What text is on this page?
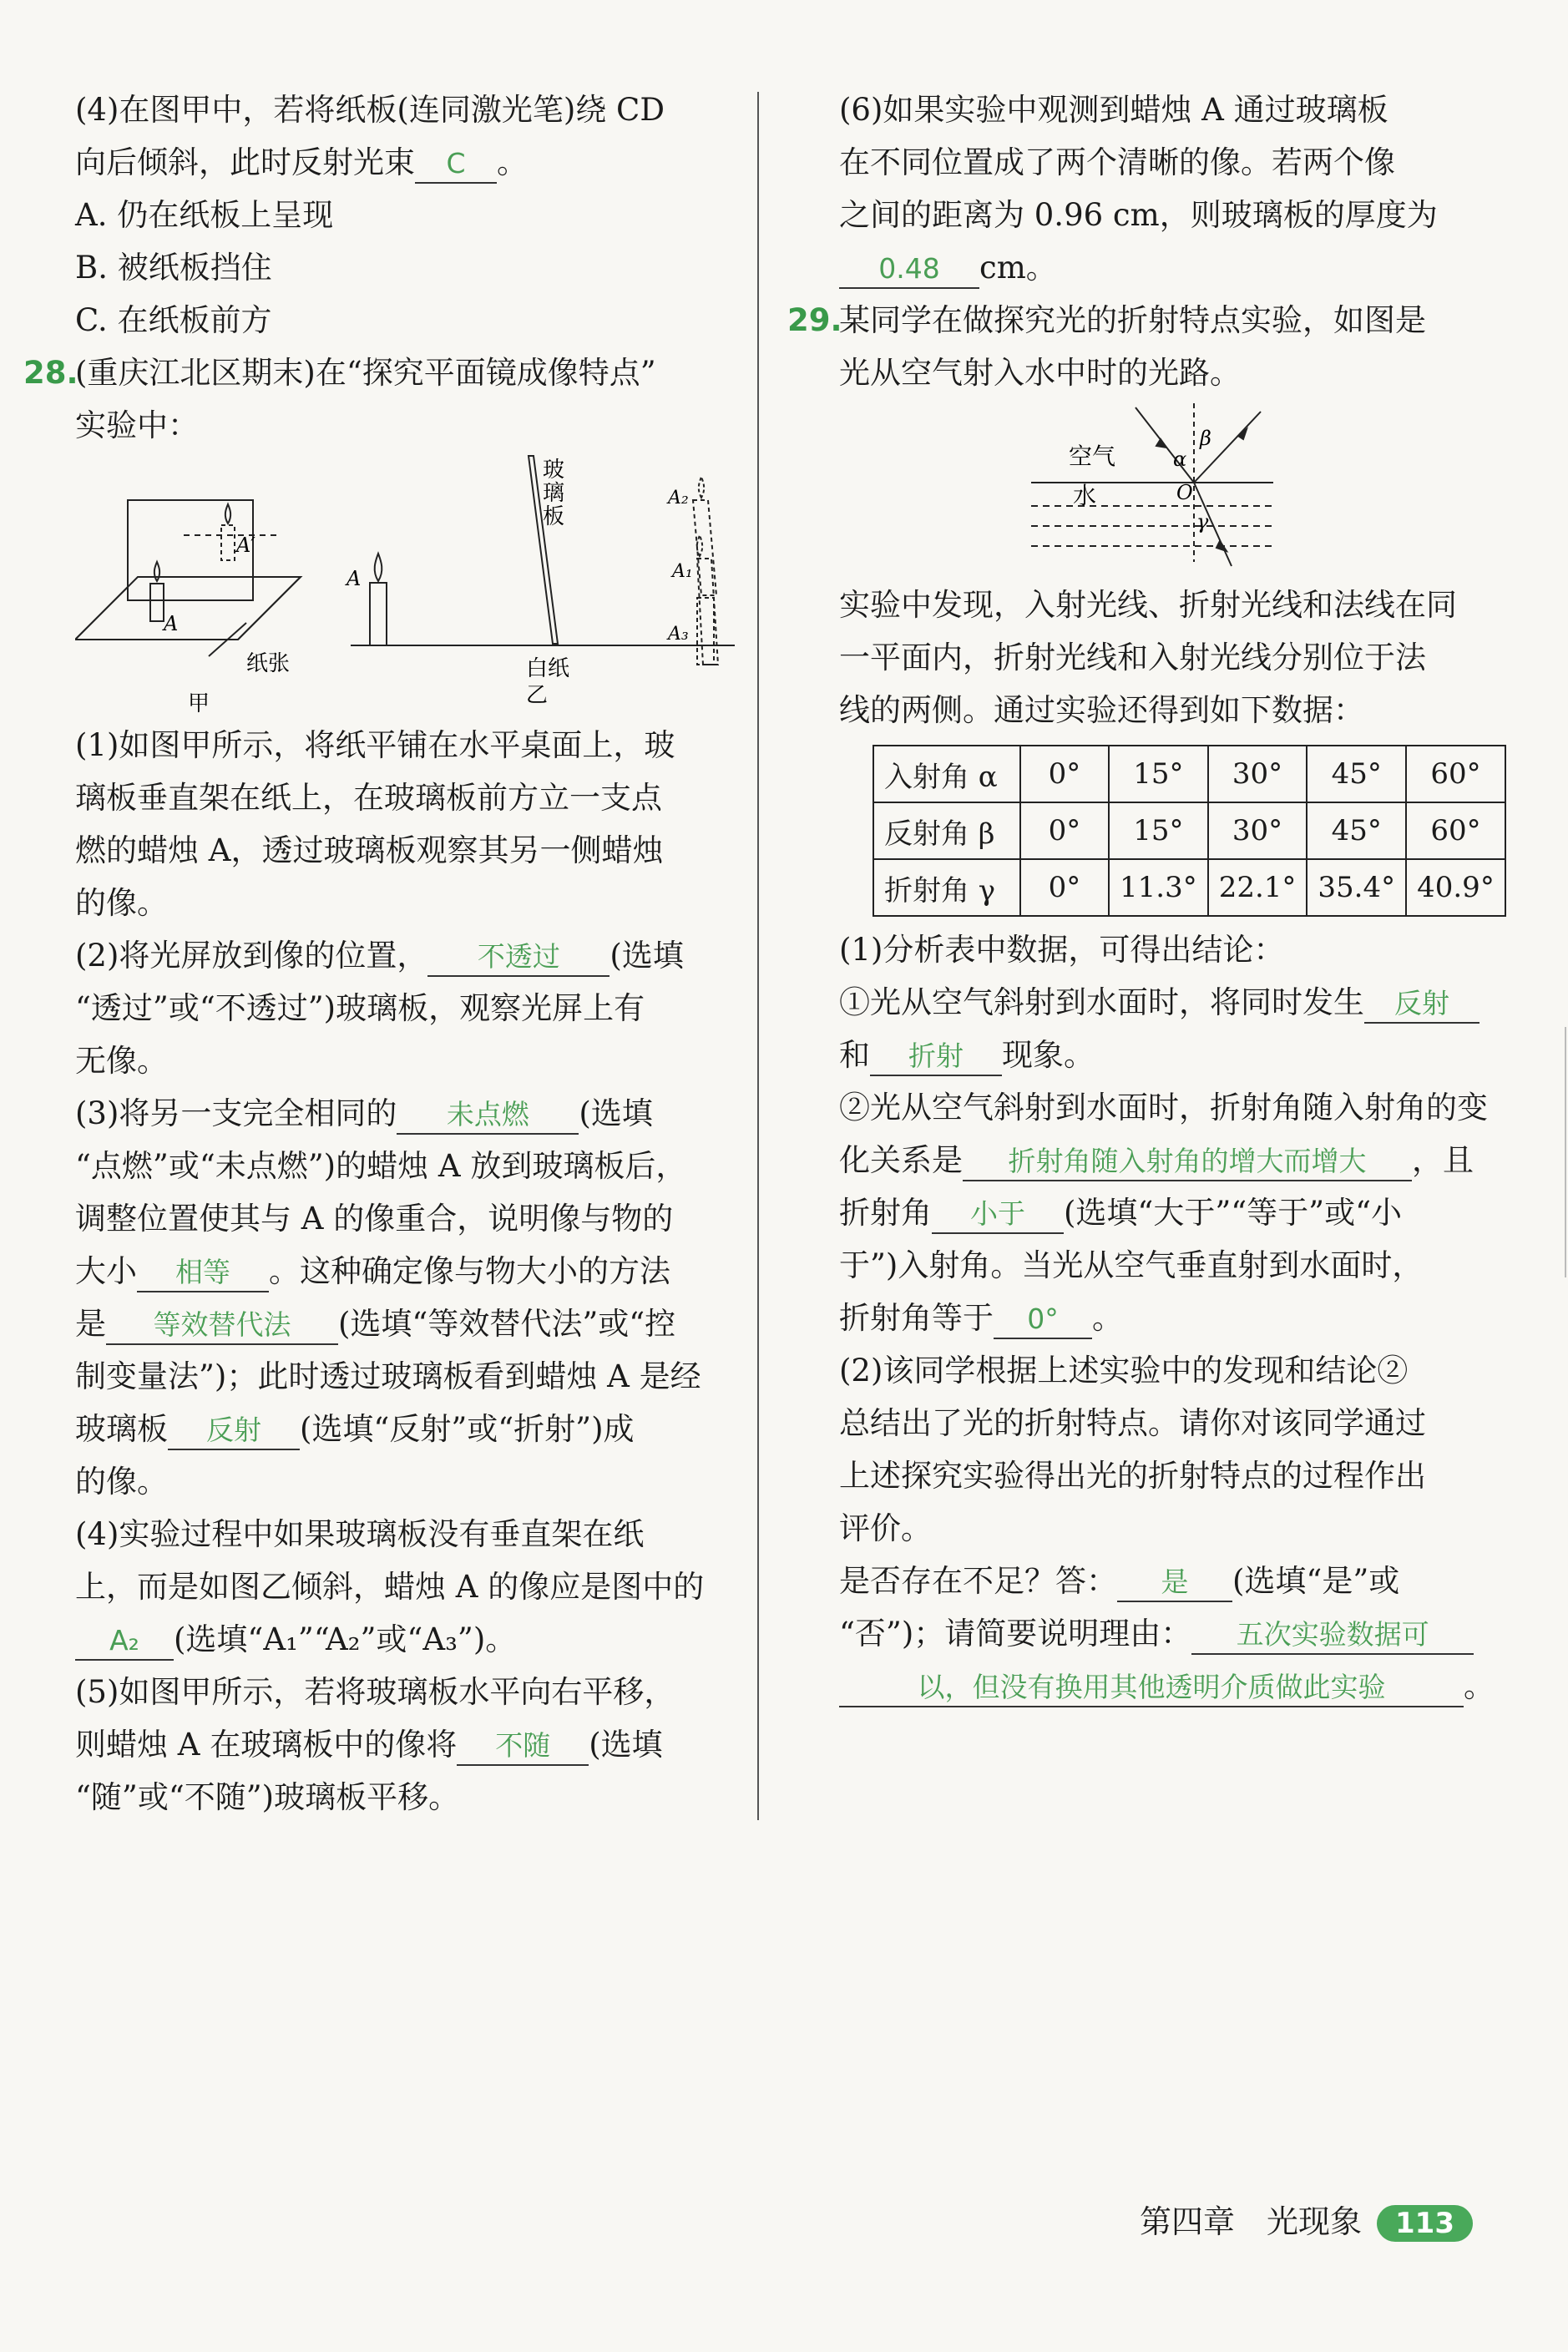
(4)在图甲中，若将纸板(连同激光笔)绕 CD
向后倾斜，此时反射光束 C 。
A. 仍在纸板上呈现
B. 被纸板挡住
C. 在纸板前方
28.(重庆江北区期末)在“探究平面镜成像特点”
实验中：
A
A′
纸张
甲
A
玻
璃
板
A₂
A₁
A₃
白纸
乙
(1)如图甲所示，将纸平铺在水平桌面上，玻
璃板垂直架在纸上，在玻璃板前方立一支点
燃的蜡烛 A，透过玻璃板观察其另一侧蜡烛
的像。
(2)将光屏放到像的位置， 不透过 (选填
“透过”或“不透过”)玻璃板，观察光屏上有
无像。
(3)将另一支完全相同的 未点燃 (选填
“点燃”或“未点燃”)的蜡烛 A 放到玻璃板后，
调整位置使其与 A 的像重合，说明像与物的
大小 相等 。这种确定像与物大小的方法
是 等效替代法 (选填“等效替代法”或“控
制变量法”)；此时透过玻璃板看到蜡烛 A 是经
玻璃板 反射 (选填“反射”或“折射”)成
的像。
(4)实验过程中如果玻璃板没有垂直架在纸
上，而是如图乙倾斜，蜡烛 A 的像应是图中的
A₂ (选填“A₁”“A₂”或“A₃”)。
(5)如图甲所示，若将玻璃板水平向右平移，
则蜡烛 A 在玻璃板中的像将 不随 (选填
“随”或“不随”)玻璃板平移。
(6)如果实验中观测到蜡烛 A 通过玻璃板
在不同位置成了两个清晰的像。若两个像
之间的距离为 0.96 cm，则玻璃板的厚度为
0.48 cm。
29.某同学在做探究光的折射特点实验，如图是
光从空气射入水中时的光路。
空气
水
α
β
O
γ
实验中发现，入射光线、折射光线和法线在同
一平面内，折射光线和入射光线分别位于法
线的两侧。通过实验还得到如下数据：
入射角 α	0°	15°	30°	45°	60°
反射角 β	0°	15°	30°	45°	60°
折射角 γ	0°	11.3°	22.1°	35.4°	40.9°
(1)分析表中数据，可得出结论：
①光从空气斜射到水面时，将同时发生 反射
和 折射 现象。
②光从空气斜射到水面时，折射角随入射角的变
化关系是 折射角随入射角的增大而增大 ，且
折射角 小于 (选填“大于”“等于”或“小
于”)入射角。当光从空气垂直射到水面时，
折射角等于 0° 。
(2)该同学根据上述实验中的发现和结论②
总结出了光的折射特点。请你对该同学通过
上述探究实验得出光的折射特点的过程作出
评价。
是否存在不足？答： 是 (选填“是”或
“否”)；请简要说明理由： 五次实验数据可
以，但没有换用其他透明介质做此实验	。
第四章　光现象 113
